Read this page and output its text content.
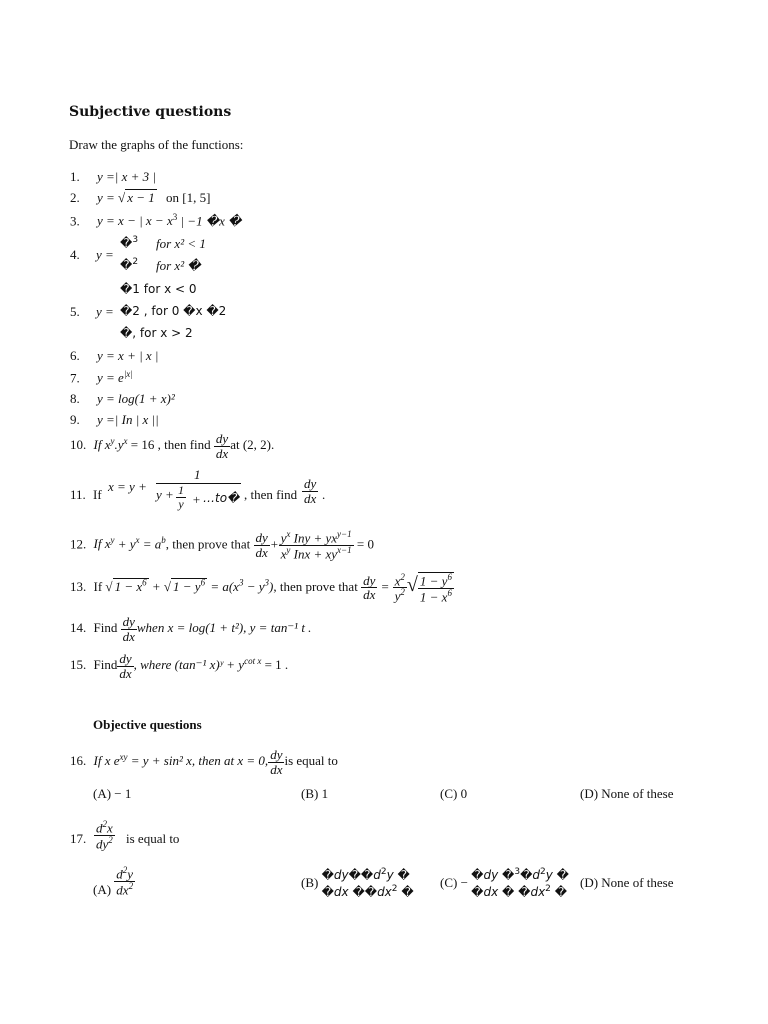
Subjective questions
Draw the graphs of the functions:
1. y =| x + 3 |
2. y = √ x − 1 on [1, 5]
3. y = x − | $x - x^3$ | −1 �x �
�$^3$
�$^2$
4. y =
for x² < 1
for x² �
�1 for x < 0
�2 , for 0 �x �2
�, for x > 2
5. y =
6. y = x + | x |
7. $y = e^{|x|}$
8. y = log(1 + x)²
9. y =| In | x ||
10. If $x^y.y^x = 16$ , then find $\frac{dy}{dx}$ at (2, 2).
11. If
x = y +
1
$y + \frac{1}{y}$ + …to� , then find $\frac{dy}{dx}$ .
12. If $x^y + y^x = a^b$, then prove that $\frac{dy}{dx} + \frac{y^x Iny + yx^{y-1}}{x^y Inx + xy^{x-1}} = 0$
13. If √ $1 - x^6$ + √ $1 - y^6 = a(x^3 - y^3)$, then prove that $\frac{dy}{dx} = \frac{x^2}{y^2}$ √ $\frac{1 - y^6}{1 - x^6}$
14. Find $\frac{dy}{dx}$ when x = log(1 + t²), y = tan⁻¹ t .
15. Find $\frac{dy}{dx}$ , where (tan⁻¹ x)ʸ + $y^{cot x} = 1$ .
Objective questions
16. If x $e^{xy} = y + \sin^2$ x, then at x = 0, $\frac{dy}{dx}$ is equal to
(A) − 1	(B) 1	(C) 0	(D) None of these
17. $\frac{d^2x}{dy^2}$ is equal to
$(A) \frac{d^2y}{dx^2}$	(B) $�dy��d^2y$ �
�dx $��dx^2$ �
(C) − �dy $�^3�d^2y$ �
�dx � $�dx^2$ �
(D) None of these
